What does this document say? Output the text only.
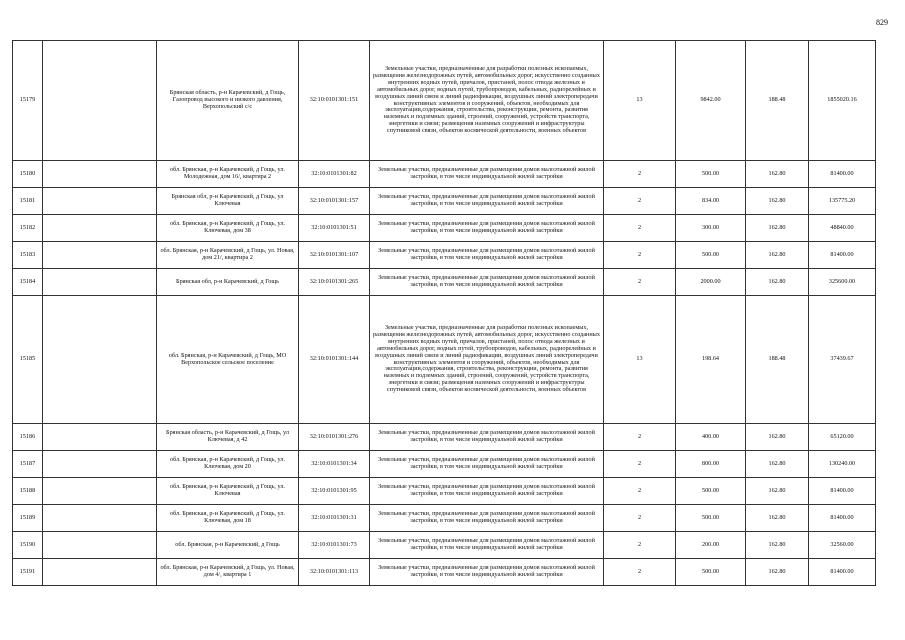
829
15179		Брянская область, р-н Карачевский, д Гощь, Газопровод высокого и низкого давления, Верхопольский с/с	32:10:0101301:151	Земельные участки, предназначенные для разработки полезных ископаемых, размещения железнодорожных путей, автомобильных дорог, искусственно созданных внутренних водных путей, причалов, пристаней, полос отвода железных и автомобильных дорог, водных путей, трубопроводов, кабельных, радиорелейных и воздушных линий связи и линий радиофикации, воздушных линий электропередачи конструктивных элементов и сооружений, объектов, необходимых для эксплуатации,содержания, строительства, реконструкции, ремонта, развития наземных и подземных зданий, строений, сооружений, устройств транспорта, энергетики и связи; размещения наземных сооружений и инфраструктуры спутниковой связи, объектов космической деятельности, военных объектов	13	9842.00	188.48	1855020.16
15180		обл. Брянская, р-н Карачевский, д Гощь, ул. Молодежная, дом 16/, квартира 2	32:10:0101301:82	Земельные участки, предназначенные для размещения домов малоэтажной жилой застройки, в том числе индивидуальной жилой застройки	2	500.00	162.80	81400.00
15181		Брянская обл, р-н Карачевский, д Гощь, ул Ключевая	32:10:0101301:157	Земельные участки, предназначенные для размещения домов малоэтажной жилой застройки, в том числе индивидуальной жилой застройки	2	834.00	162.80	135775.20
15182		обл. Брянская, р-н Карачевский, д Гощь, ул. Ключевая, дом 38	32:10:0101301:51	Земельные участки, предназначенные для размещения домов малоэтажной жилой застройки, в том числе индивидуальной жилой застройки	2	300.00	162.80	48840.00
15183		обл. Брянская, р-н Карачевский, д Гощь, ул. Новая, дом 21/, квартира 2	32:10:0101301:107	Земельные участки, предназначенные для размещения домов малоэтажной жилой застройки, в том числе индивидуальной жилой застройки	2	500.00	162.80	81400.00
15184		Брянская обл, р-н Карачевский, д Гощь	32:10:0101301:265	Земельные участки, предназначенные для размещения домов малоэтажной жилой застройки, в том числе индивидуальной жилой застройки	2	2000.00	162.80	325600.00
15185		обл. Брянская, р-н Карачевский, д Гощь, МО Верхопольское сельское поселение	32:10:0101301:144	Земельные участки, предназначенные для разработки полезных ископаемых, размещения железнодорожных путей, автомобильных дорог, искусственно созданных внутренних водных путей, причалов, пристаней, полос отвода железных и автомобильных дорог, водных путей, трубопроводов, кабельных, радиорелейных и воздушных линий связи и линий радиофикации, воздушных линий электропередачи конструктивных элементов и сооружений, объектов, необходимых для эксплуатации,содержания, строительства, реконструкции, ремонта, развития наземных и подземных зданий, строений, сооружений, устройств транспорта, энергетики и связи; размещения наземных сооружений и инфраструктуры спутниковой связи, объектов космической деятельности, военных объектов	13	198.64	188.48	37439.67
15186		Брянская область, р-н Карачевский, д Гощь, ул Ключевая, д 42	32:10:0101301:276	Земельные участки, предназначенные для размещения домов малоэтажной жилой застройки, в том числе индивидуальной жилой застройки	2	400.00	162.80	65120.00
15187		обл. Брянская, р-н Карачевский, д Гощь, ул. Ключевая, дом 20	32:10:0101301:34	Земельные участки, предназначенные для размещения домов малоэтажной жилой застройки, в том числе индивидуальной жилой застройки	2	800.00	162.80	130240.00
15188		обл. Брянская, р-н Карачевский, д Гощь, ул. Ключевая	32:10:0101301:95	Земельные участки, предназначенные для размещения домов малоэтажной жилой застройки, в том числе индивидуальной жилой застройки	2	500.00	162.80	81400.00
15189		обл. Брянская, р-н Карачевский, д Гощь, ул. Ключевая, дом 18	32:10:0101301:31	Земельные участки, предназначенные для размещения домов малоэтажной жилой застройки, в том числе индивидуальной жилой застройки	2	500.00	162.80	81400.00
15190		обл. Брянская, р-н Карачевский, д Гощь	32:10:0101301:73	Земельные участки, предназначенные для размещения домов малоэтажной жилой застройки, в том числе индивидуальной жилой застройки	2	200.00	162.80	32560.00
15191		обл. Брянская, р-н Карачевский, д Гощь, ул. Новая, дом 4/, квартира 1	32:10:0101301:113	Земельные участки, предназначенные для размещения домов малоэтажной жилой застройки, в том числе индивидуальной жилой застройки	2	500.00	162.80	81400.00
